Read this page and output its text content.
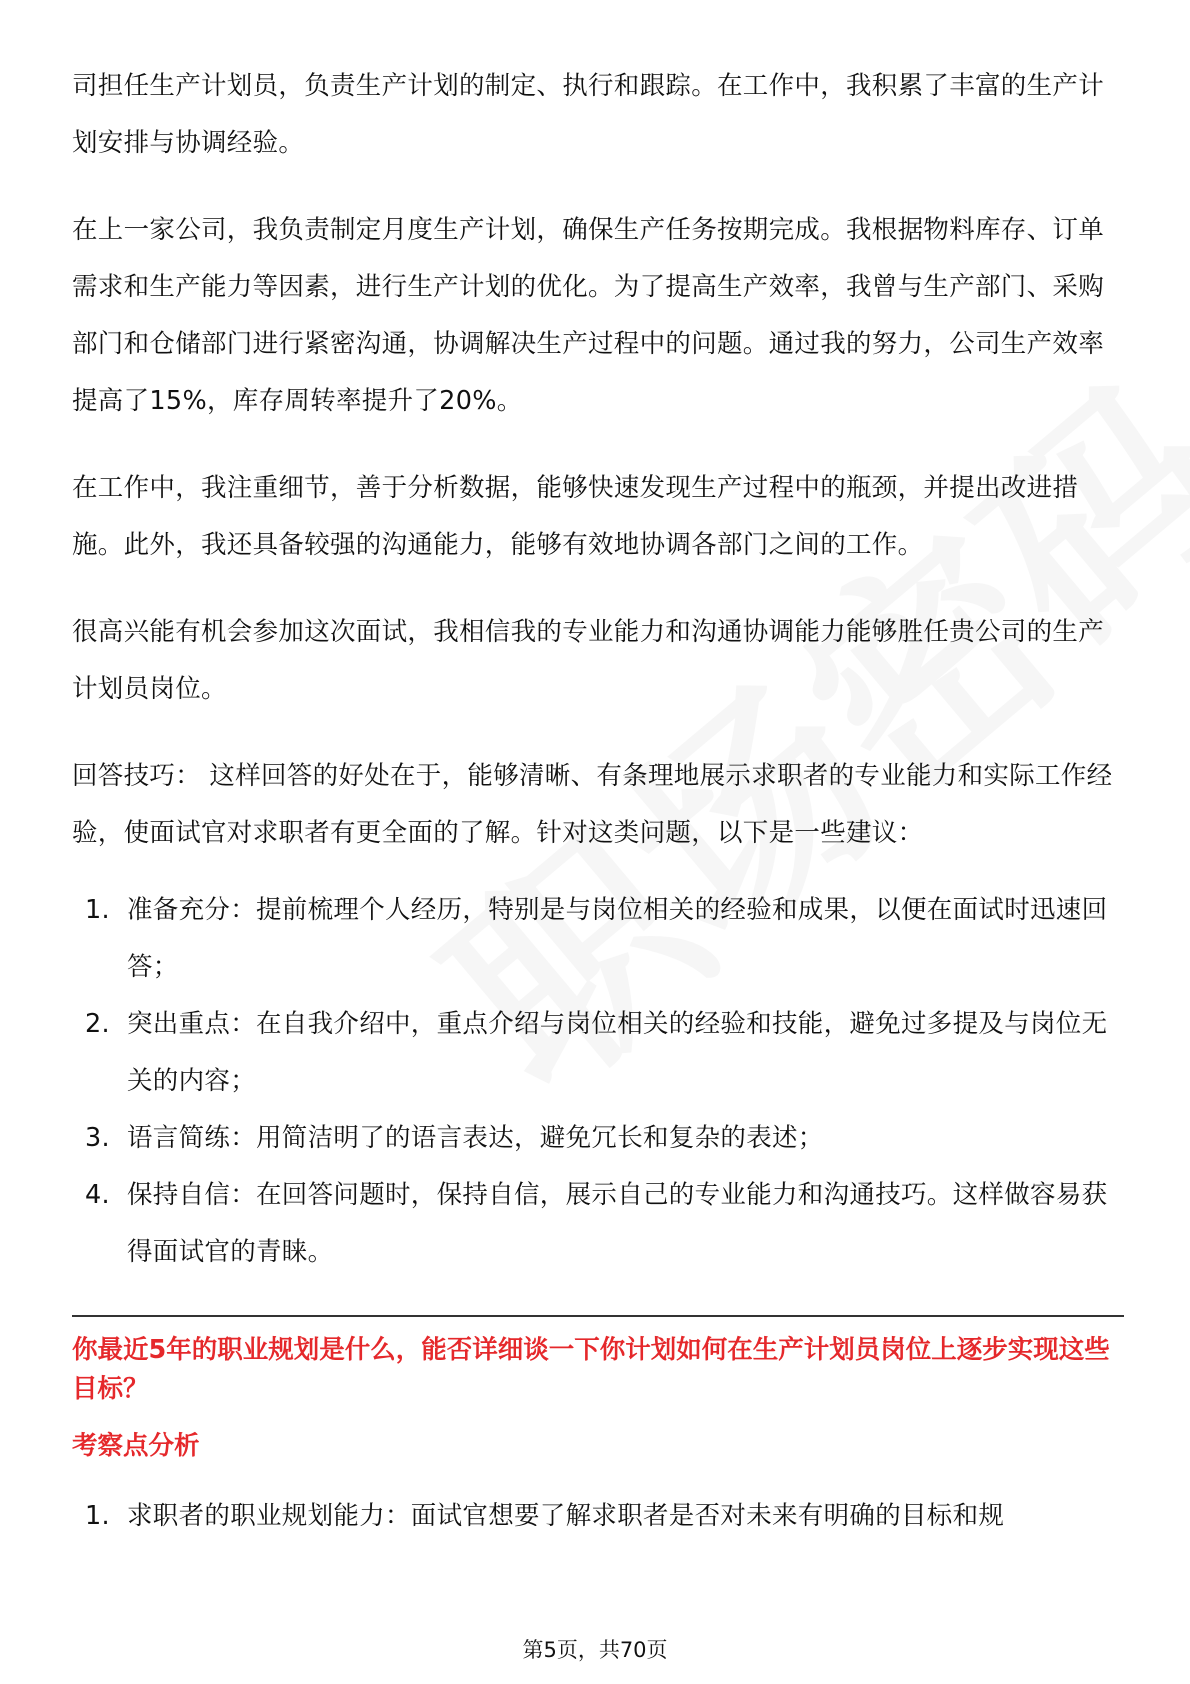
司担任生产计划员，负责生产计划的制定、执行和跟踪。在工作中，我积累了丰富的生产计划安排与协调经验。

在上一家公司，我负责制定月度生产计划，确保生产任务按期完成。我根据物料库存、订单需求和生产能力等因素，进行生产计划的优化。为了提高生产效率，我曾与生产部门、采购部门和仓储部门进行紧密沟通，协调解决生产过程中的问题。通过我的努力，公司生产效率提高了15%，库存周转率提升了20%。

在工作中，我注重细节，善于分析数据，能够快速发现生产过程中的瓶颈，并提出改进措施。此外，我还具备较强的沟通能力，能够有效地协调各部门之间的工作。

很高兴能有机会参加这次面试，我相信我的专业能力和沟通协调能力能够胜任贵公司的生产计划员岗位。

回答技巧： 这样回答的好处在于，能够清晰、有条理地展示求职者的专业能力和实际工作经验，使面试官对求职者有更全面的了解。针对这类问题，以下是一些建议：

1. 准备充分：提前梳理个人经历，特别是与岗位相关的经验和成果，以便在面试时迅速回答；
2. 突出重点：在自我介绍中，重点介绍与岗位相关的经验和技能，避免过多提及与岗位无关的内容；
3. 语言简练：用简洁明了的语言表达，避免冗长和复杂的表述；
4. 保持自信：在回答问题时，保持自信，展示自己的专业能力和沟通技巧。这样做容易获得面试官的青睐。
你最近5年的职业规划是什么，能否详细谈一下你计划如何在生产计划员岗位上逐步实现这些目标？
考察点分析
1. 求职者的职业规划能力：面试官想要了解求职者是否对未来有明确的目标和规
第5页，共70页
